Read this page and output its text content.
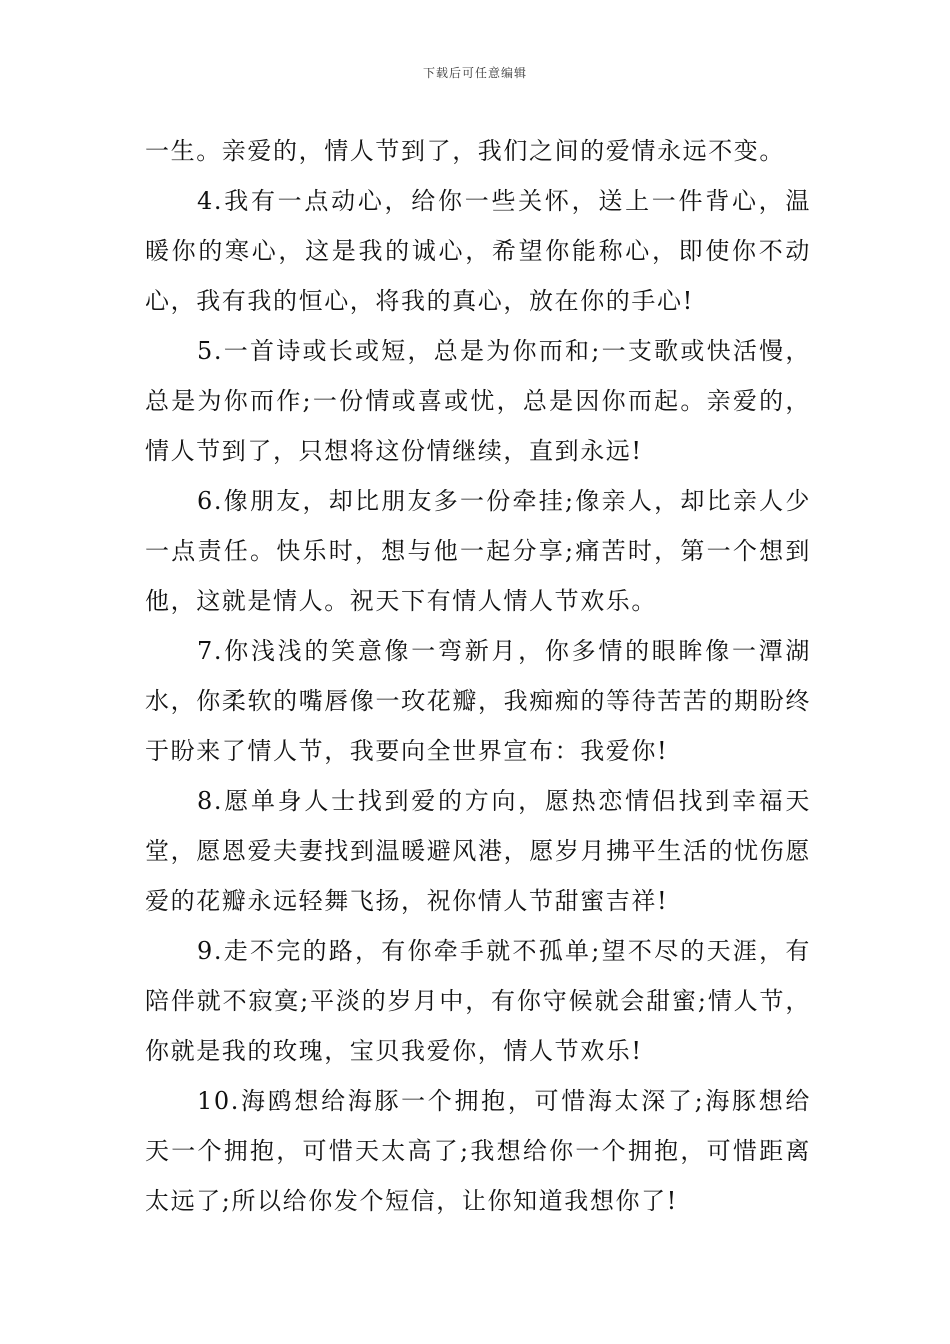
下载后可任意编辑

一生。亲爱的，情人节到了，我们之间的爱情永远不变。

4.我有一点动心，给你一些关怀，送上一件背心，温暖你的寒心，这是我的诚心，希望你能称心，即使你不动心，我有我的恒心，将我的真心，放在你的手心!

5.一首诗或长或短，总是为你而和;一支歌或快活慢，总是为你而作;一份情或喜或忧，总是因你而起。亲爱的，情人节到了，只想将这份情继续，直到永远!

6.像朋友，却比朋友多一份牵挂;像亲人，却比亲人少一点责任。快乐时，想与他一起分享;痛苦时，第一个想到他，这就是情人。祝天下有情人情人节欢乐。

7.你浅浅的笑意像一弯新月，你多情的眼眸像一潭湖水，你柔软的嘴唇像一玫花瓣，我痴痴的等待苦苦的期盼终于盼来了情人节，我要向全世界宣布：我爱你!

8.愿单身人士找到爱的方向，愿热恋情侣找到幸福天堂，愿恩爱夫妻找到温暖避风港，愿岁月拂平生活的忧伤愿爱的花瓣永远轻舞飞扬，祝你情人节甜蜜吉祥!

9.走不完的路，有你牵手就不孤单;望不尽的天涯，有陪伴就不寂寞;平淡的岁月中，有你守候就会甜蜜;情人节，你就是我的玫瑰，宝贝我爱你，情人节欢乐!

10.海鸥想给海豚一个拥抱，可惜海太深了;海豚想给天一个拥抱，可惜天太高了;我想给你一个拥抱，可惜距离太远了;所以给你发个短信，让你知道我想你了!
